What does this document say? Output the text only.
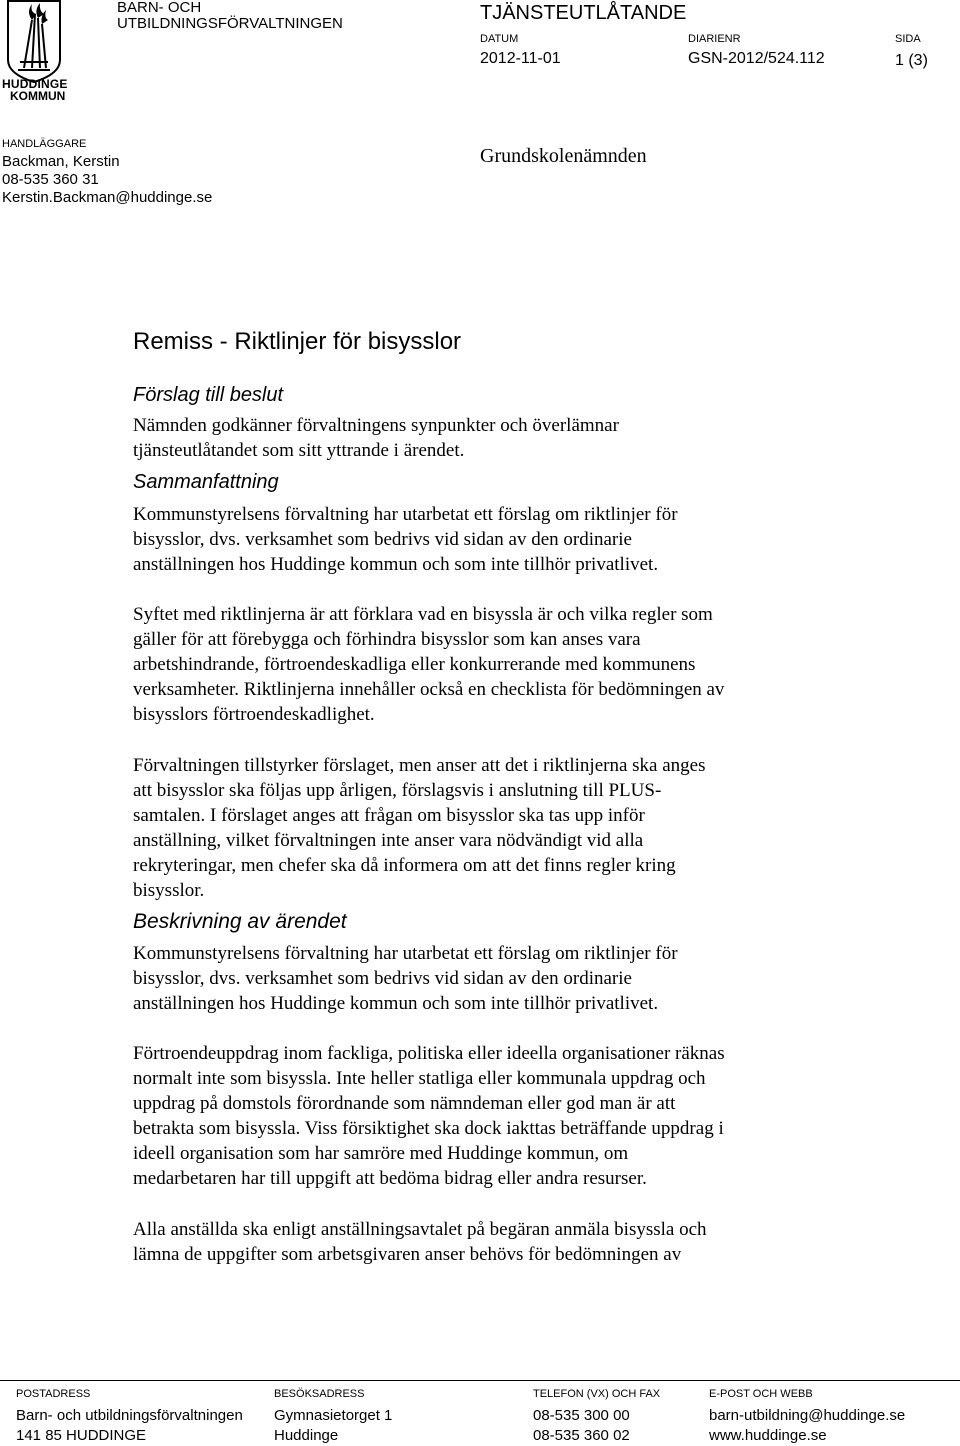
HUDDINGE
KOMMUN
BARN- OCH
UTBILDNINGSFÖRVALTNINGEN	TJÄNSTEUTLÅTANDE
DATUM
2012-11-01
DIARIENR
GSN-2012/524.112
SIDA
1 (3)
HANDLÄGGARE
Backman, Kerstin
08-535 360 31
Kerstin.Backman@huddinge.se
Grundskolenämnden
Remiss - Riktlinjer för bisysslor
Förslag till beslut
Nämnden godkänner förvaltningens synpunkter och överlämnar
tjänsteutlåtandet som sitt yttrande i ärendet.
Sammanfattning
Kommunstyrelsens förvaltning har utarbetat ett förslag om riktlinjer för
bisysslor, dvs. verksamhet som bedrivs vid sidan av den ordinarie
anställningen hos Huddinge kommun och som inte tillhör privatlivet.
Syftet med riktlinjerna är att förklara vad en bisyssla är och vilka regler som
gäller för att förebygga och förhindra bisysslor som kan anses vara
arbetshindrande, förtroendeskadliga eller konkurrerande med kommunens
verksamheter. Riktlinjerna innehåller också en checklista för bedömningen av
bisysslors förtroendeskadlighet.
Förvaltningen tillstyrker förslaget, men anser att det i riktlinjerna ska anges
att bisysslor ska följas upp årligen, förslagsvis i anslutning till PLUS-
samtalen. I förslaget anges att frågan om bisysslor ska tas upp inför
anställning, vilket förvaltningen inte anser vara nödvändigt vid alla
rekryteringar, men chefer ska då informera om att det finns regler kring
bisysslor.
Beskrivning av ärendet
Kommunstyrelsens förvaltning har utarbetat ett förslag om riktlinjer för
bisysslor, dvs. verksamhet som bedrivs vid sidan av den ordinarie
anställningen hos Huddinge kommun och som inte tillhör privatlivet.
Förtroendeuppdrag inom fackliga, politiska eller ideella organisationer räknas
normalt inte som bisyssla. Inte heller statliga eller kommunala uppdrag och
uppdrag på domstols förordnande som nämndeman eller god man är att
betrakta som bisyssla. Viss försiktighet ska dock iakttas beträffande uppdrag i
ideell organisation som har samröre med Huddinge kommun, om
medarbetaren har till uppgift att bedöma bidrag eller andra resurser.
Alla anställda ska enligt anställningsavtalet på begäran anmäla bisyssla och
lämna de uppgifter som arbetsgivaren anser behövs för bedömningen av
POSTADRESS
Barn- och utbildningsförvaltningen
141 85 HUDDINGE
BESÖKSADRESS
Gymnasietorget 1
Huddinge
TELEFON (VX) OCH FAX
08-535 300 00
08-535 360 02
E-POST OCH WEBB
barn-utbildning@huddinge.se
www.huddinge.se
